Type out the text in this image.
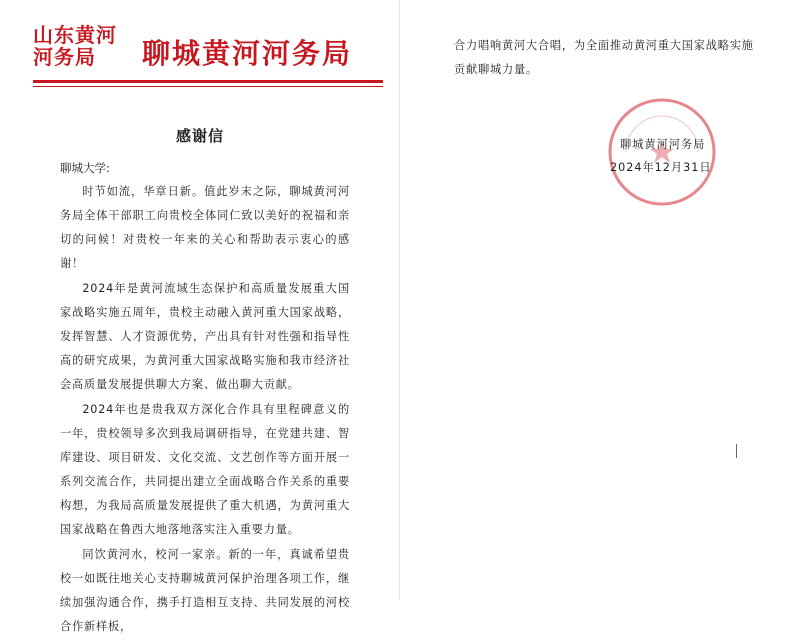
山东黄河
河务局	聊城黄河河务局
感谢信
聊城大学:

时节如流，华章日新。值此岁末之际，聊城黄河河务局全体干部职工向贵校全体同仁致以美好的祝福和亲切的问候！对贵校一年来的关心和帮助表示衷心的感谢！

2024年是黄河流域生态保护和高质量发展重大国家战略实施五周年，贵校主动融入黄河重大国家战略，发挥智慧、人才资源优势，产出具有针对性强和指导性高的研究成果，为黄河重大国家战略实施和我市经济社会高质量发展提供聊大方案、做出聊大贡献。

2024年也是贵我双方深化合作具有里程碑意义的一年，贵校领导多次到我局调研指导，在党建共建、智库建设、项目研发、文化交流、文艺创作等方面开展一系列交流合作，共同提出建立全面战略合作关系的重要构想，为我局高质量发展提供了重大机遇，为黄河重大国家战略在鲁西大地落地落实注入重要力量。

同饮黄河水，校河一家亲。新的一年，真诚希望贵校一如既往地关心支持聊城黄河保护治理各项工作，继续加强沟通合作，携手打造相互支持、共同发展的河校合作新样板，

合力唱响黄河大合唱，为全面推动黄河重大国家战略实施贡献聊城力量。
聊城黄河河务局
2024年12月31日
